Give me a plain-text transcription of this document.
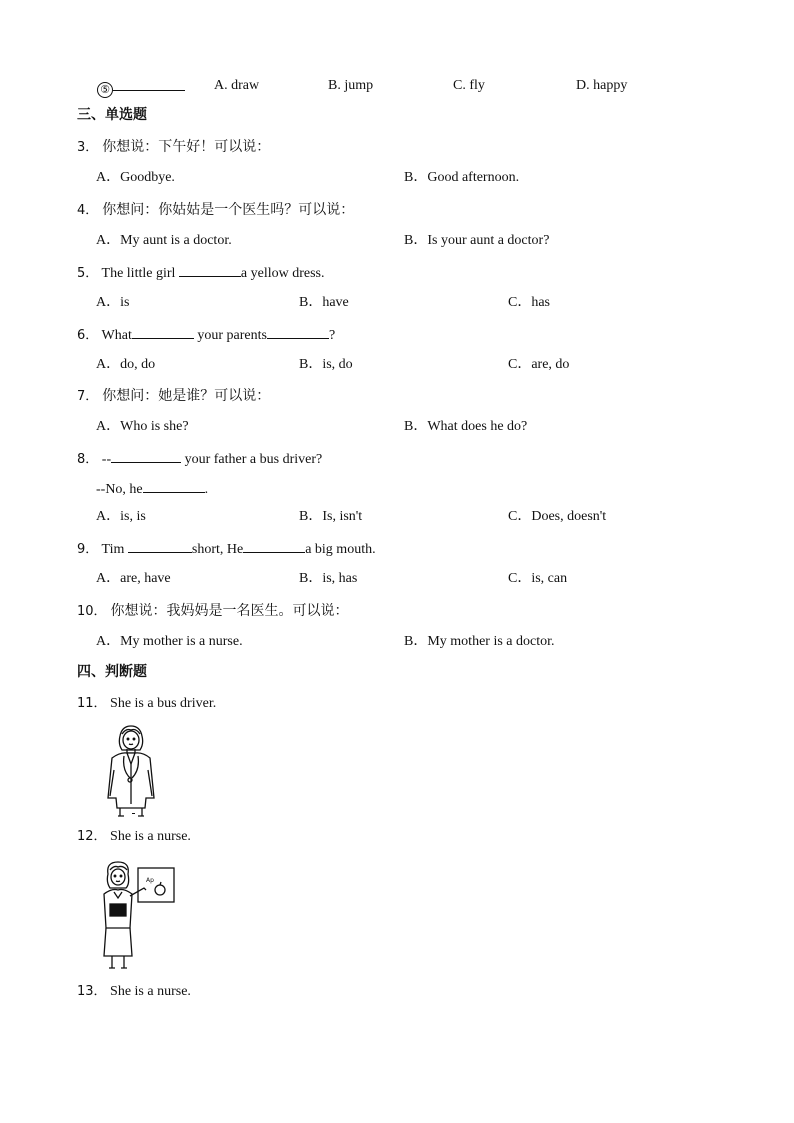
⑤	A. draw	B. jump	C. fly	D. happy
三、单选题
3． 你想说：下午好！可以说：
A．Goodbye.	B．Good afternoon.
4． 你想问：你姑姑是一个医生吗？可以说：
A．My aunt is a doctor.	B．Is your aunt a doctor?
5． The little girl	a yellow dress.
A．is	B．have	C．has
6． What	your parents	?
A．do, do	B．is, do	C．are, do
7． 你想问：她是谁？可以说：
A．Who is she?	B．What does he do?
8． --	your father a bus driver?
--No, he	.
A．is, is	B．Is, isn't	C．Does, doesn't
9． Tim	short, He	a big mouth.
A．are, have	B．is, has	C．is, can
10． 你想说：我妈妈是一名医生。可以说：
A．My mother is a nurse.	B．My mother is a doctor.
四、判断题
11． She is a bus driver.
12． She is a nurse.
Ap
13． She is a nurse.
